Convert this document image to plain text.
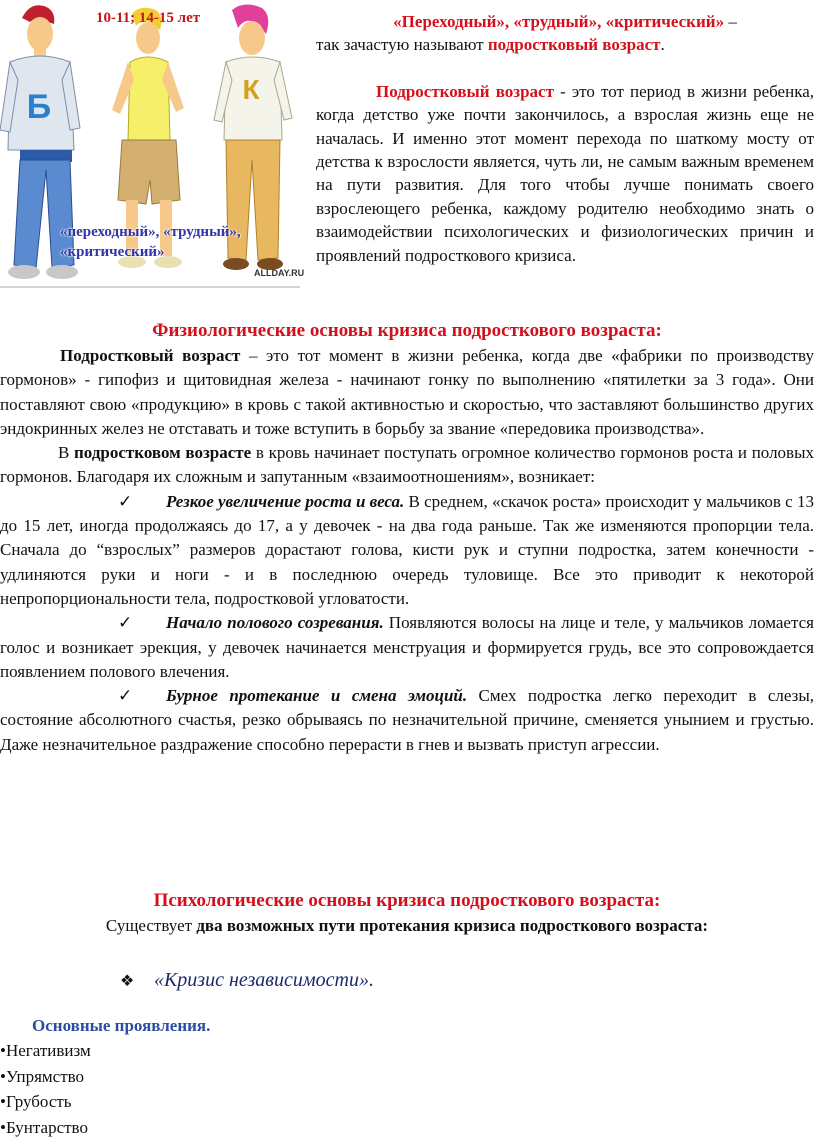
Б	К
10-11; 14-15 лет
«переходный», «трудный»,
«критический»
ALLDAY.RU
«Переходный», «трудный», «критический» –
так зачастую называют подростковый возраст.
Подростковый возраст - это тот период в жизни ребенка, когда детство уже почти закончилось, а взрослая жизнь еще не началась. И именно этот момент перехода по шаткому мосту от детства к взрослости является, чуть ли, не самым важным временем на пути развития. Для того чтобы лучше понимать своего взрослеющего ребенка, каждому родителю необходимо знать о взаимодействии психологических и физиологических причин и проявлений подросткового кризиса.
Физиологические основы кризиса подросткового возраста:

Подростковый возраст – это тот момент в жизни ребенка, когда две «фабрики по производству гормонов» - гипофиз и щитовидная железа - начинают гонку по выполнению «пятилетки за 3 года». Они поставляют свою «продукцию» в кровь с такой активностью и скоростью, что заставляют большинство других эндокринных желез не отставать и тоже вступить в борьбу за звание «передовика производства».

В подростковом возрасте в кровь начинает поступать огромное количество гормонов роста и половых гормонов. Благодаря их сложным и запутанным «взаимоотношениям», возникает:

✓ Резкое увеличение роста и веса. В среднем, «скачок роста» происходит у мальчиков с 13 до 15 лет, иногда продолжаясь до 17, а у девочек - на два года раньше. Так же изменяются пропорции тела. Сначала до “взрослых” размеров дорастают голова, кисти рук и ступни подростка, затем конечности - удлиняются руки и ноги - и в последнюю очередь туловище. Все это приводит к некоторой непропорциональности тела, подростковой угловатости.

✓ Начало полового созревания. Появляются волосы на лице и теле, у мальчиков ломается голос и возникает эрекция, у девочек начинается менструация и формируется грудь, все это сопровождается появлением полового влечения.

✓ Бурное протекание и смена эмоций. Смех подростка легко переходит в слезы, состояние абсолютного счастья, резко обрываясь по незначительной причине, сменяется унынием и грустью. Даже незначительное раздражение способно перерасти в гнев и вызвать приступ агрессии.

Психологические основы кризиса подросткового возраста:
Существует два возможных пути протекания кризиса подросткового возраста:
❖ «Кризис независимости».
Основные проявления.
•Негативизм
•Упрямство
•Грубость
•Бунтарство
